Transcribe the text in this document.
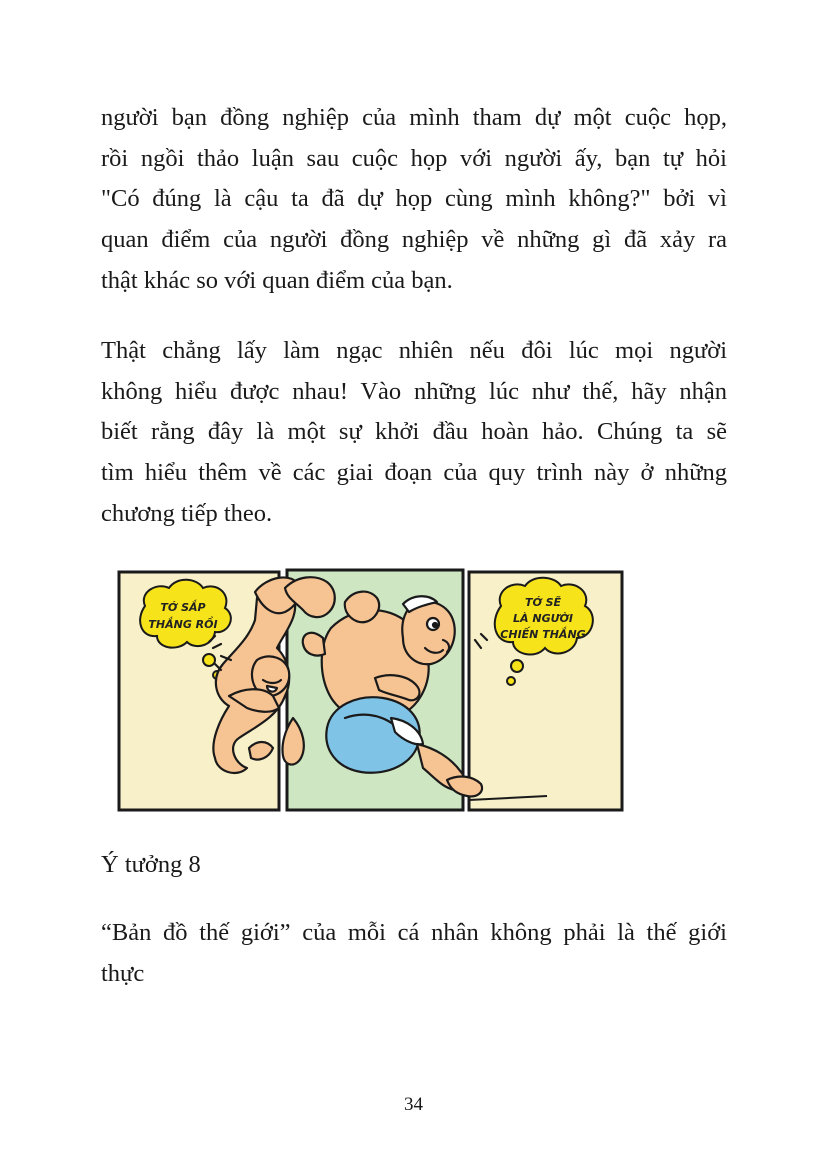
người bạn đồng nghiệp của mình tham dự một cuộc họp,
rồi ngồi thảo luận sau cuộc họp với người ấy, bạn tự hỏi
"Có đúng là cậu ta đã dự họp cùng mình không?" bởi vì
quan điểm của người đồng nghiệp về những gì đã xảy ra
thật khác so với quan điểm của bạn.
Thật chẳng lấy làm ngạc nhiên nếu đôi lúc mọi người
không hiểu được nhau! Vào những lúc như thế, hãy nhận
biết rằng đây là một sự khởi đầu hoàn hảo. Chúng ta sẽ
tìm hiểu thêm về các giai đoạn của quy trình này ở những
chương tiếp theo.
TỚ SẮP
THẮNG RỒI
TỚ SẼ
LÀ NGƯỜI
CHIẾN THẮNG
Ý tưởng 8
“Bản đồ thế giới” của mỗi cá nhân không phải là thế giới
thực
34
